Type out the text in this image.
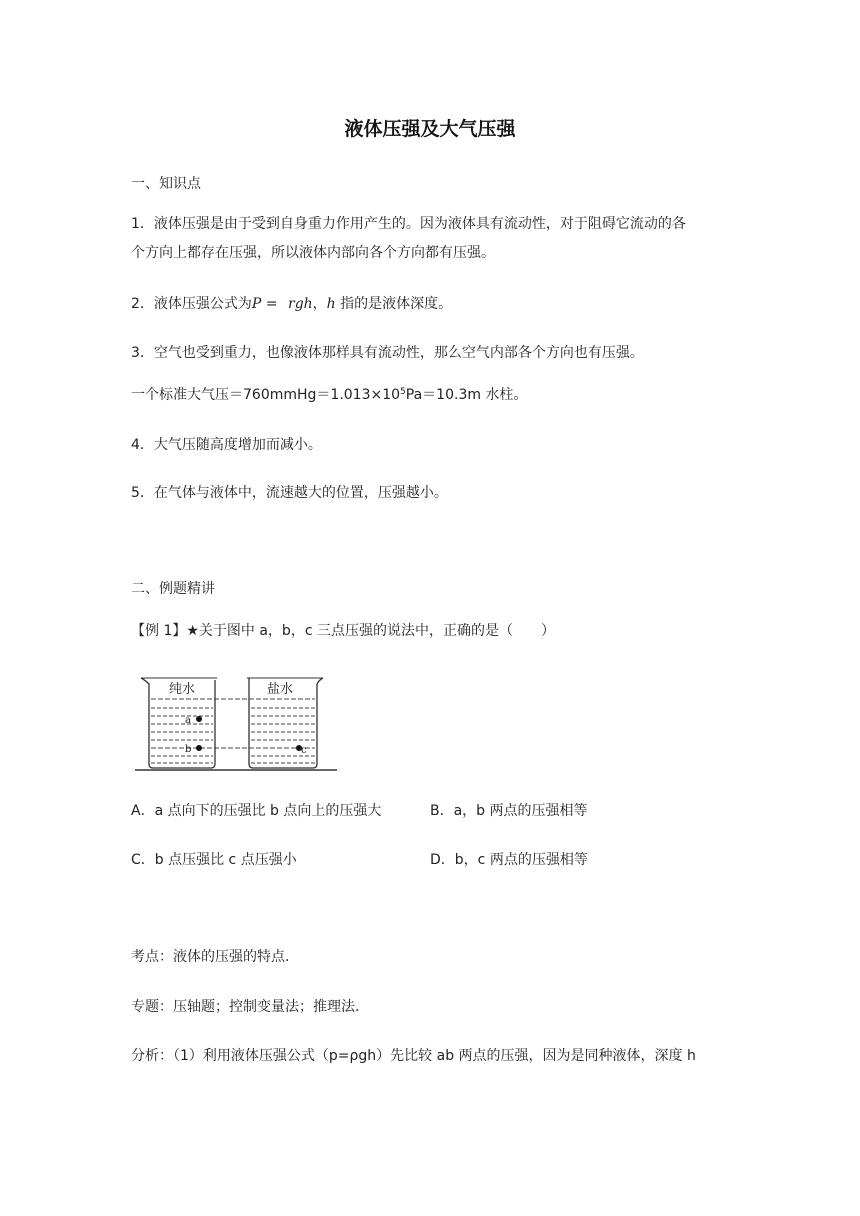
液体压强及大气压强
一、知识点
1．液体压强是由于受到自身重力作用产生的。因为液体具有流动性，对于阻碍它流动的各
个方向上都存在压强，所以液体内部向各个方向都有压强。
2．液体压强公式为P = rgh，h 指的是液体深度。
3．空气也受到重力，也像液体那样具有流动性，那么空气内部各个方向也有压强。
一个标准大气压$=760mmHg=1.013\times 10^5Pa=10.3m$ 水柱。
4．大气压随高度增加而减小。
5．在气体与液体中，流速越大的位置，压强越小。
二、例题精讲
【例 1】★关于图中 a，b，c 三点压强的说法中，正确的是（　　）
纯水	盐水
a
b	c
A．a 点向下的压强比 b 点向上的压强大	B．a，b 两点的压强相等
C．b 点压强比 c 点压强小	D．b，c 两点的压强相等
考点：液体的压强的特点．
专题：压轴题；控制变量法；推理法．
分析：（1）利用液体压强公式（p=ρgh）先比较 ab 两点的压强，因为是同种液体，深度 h
